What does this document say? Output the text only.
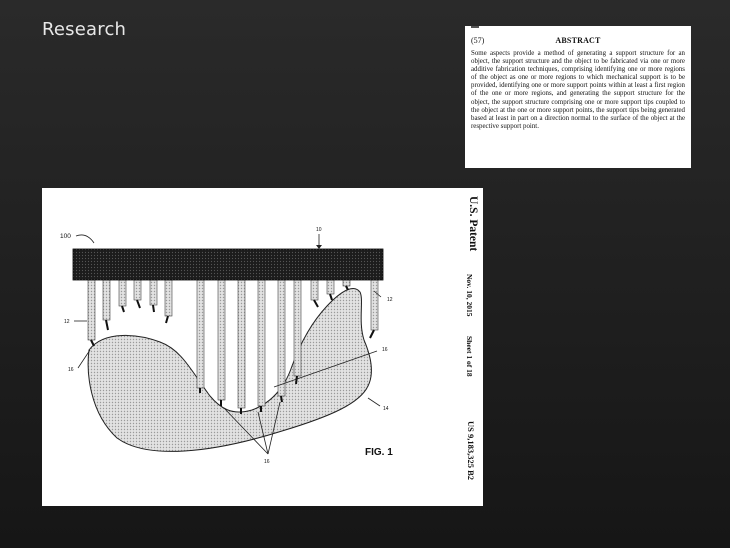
Research
(57)	ABSTRACT
Some aspects provide a method of generating a support structure for an object, the support structure and the object to be fabricated via one or more additive fabrication techniques, comprising identifying one or more regions of the object as one or more regions to which mechanical support is to be provided, identifying one or more support points within at least a first region of the one or more regions, and generating the support structure for the object, the support structure comprising one or more support tips coupled to the object at the one or more support points, the support tips being generated based at least in part on a direction normal to the surface of the object at the respective support point.
100
10
12
12
16
16
14
16
FIG. 1
U.S. Patent
Nov. 10, 2015
Sheet 1 of 18
US 9,183,325 B2
